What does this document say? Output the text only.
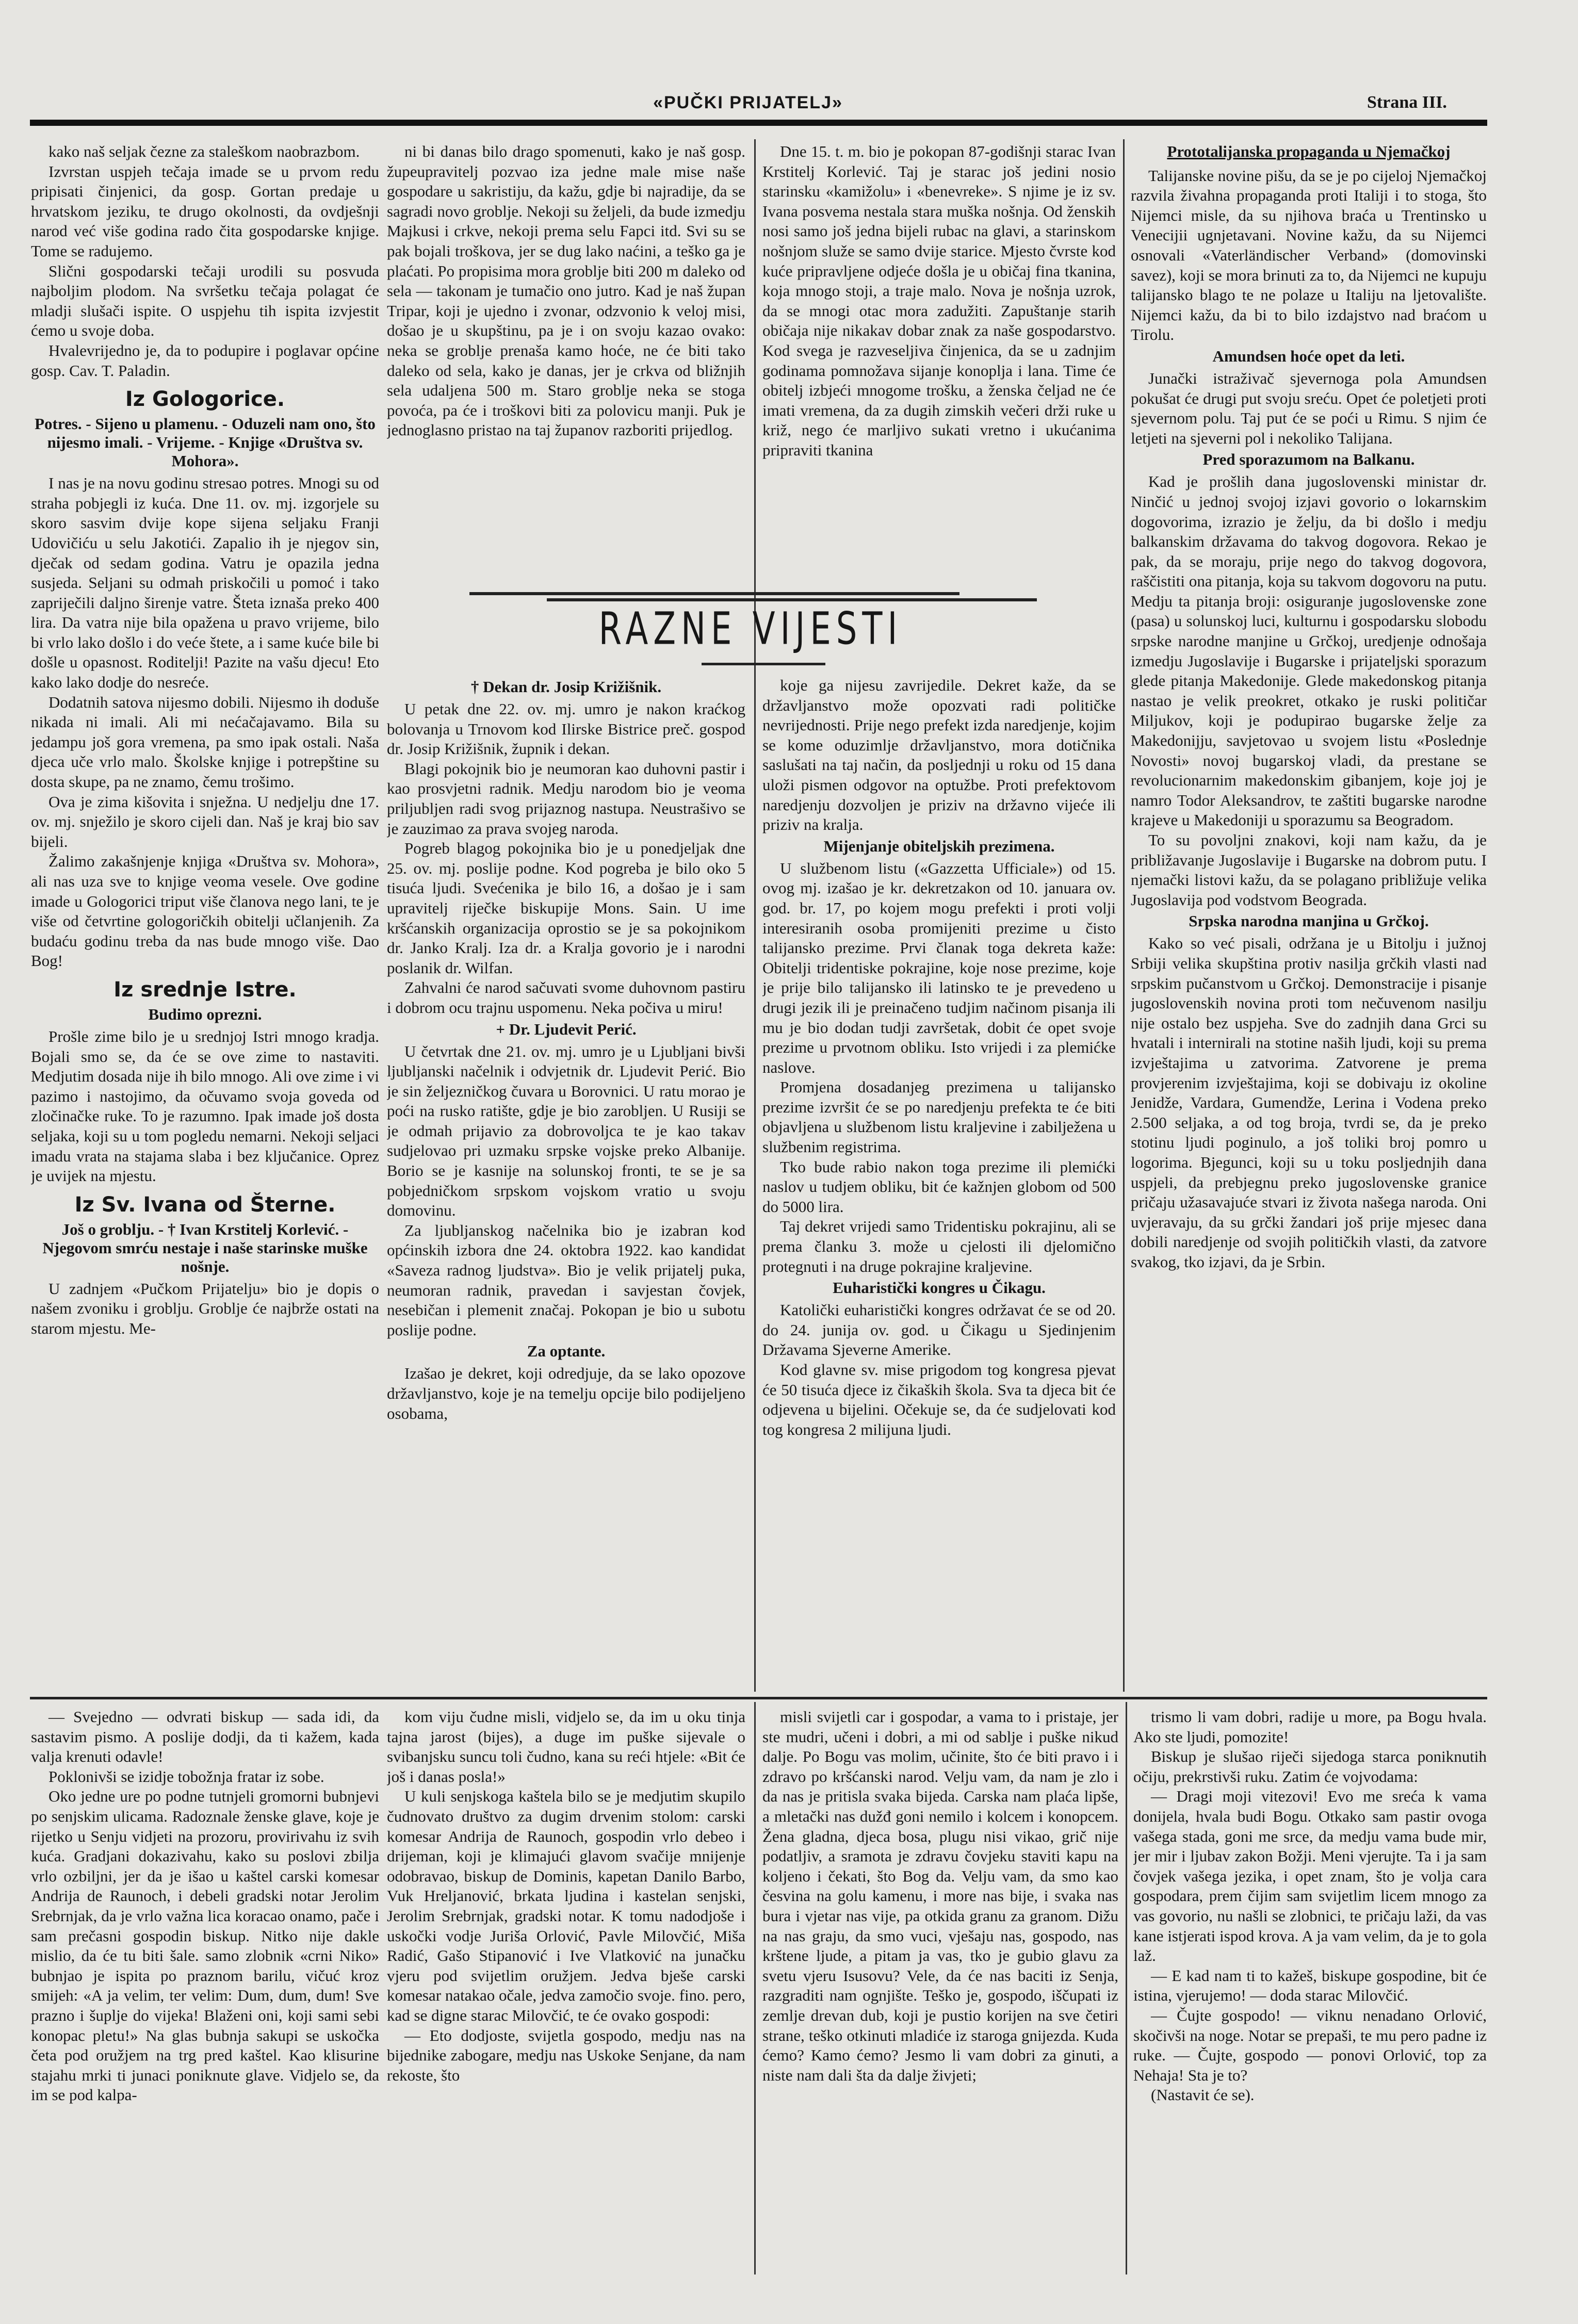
«PUČKI PRIJATELJ»	Strana III.

kako naš seljak čezne za staleškom naobrazbom.

Izvrstan uspjeh tečaja imade se u prvom redu pripisati činjenici, da gosp. Gortan predaje u hrvatskom jeziku, te drugo okolnosti, da ovdješnji narod već više godina rado čita gospodarske knjige. Tome se radujemo.

Slični gospodarski tečaji urodili su posvuda najboljim plodom. Na svršetku tečaja polagat će mladji slušači ispite. O uspjehu tih ispita izvjestit ćemo u svoje doba.

Hvalevrijedno je, da to podupire i poglavar općine gosp. Cav. T. Paladin.

Iz Gologorice.
Potres. - Sijeno u plamenu. - Oduzeli nam ono, što nijesmo imali. - Vrijeme. - Knjige «Društva sv. Mohora».

I nas je na novu godinu stresao potres. Mnogi su od straha pobjegli iz kuća. Dne 11. ov. mj. izgorjele su skoro sasvim dvije kope sijena seljaku Franji Udovičiću u selu Jakotići. Zapalio ih je njegov sin, dječak od sedam godina. Vatru je opazila jedna susjeda. Seljani su odmah priskočili u pomoć i tako zapriječili daljno širenje vatre. Šteta iznaša preko 400 lira. Da vatra nije bila opažena u pravo vrijeme, bilo bi vrlo lako došlo i do veće štete, a i same kuće bile bi došle u opasnost. Roditelji! Pazite na vašu djecu! Eto kako lako dodje do nesreće.

Dodatnih satova nijesmo dobili. Nijesmo ih doduše nikada ni imali. Ali mi nećačajavamo. Bila su jedampu još gora vremena, pa smo ipak ostali. Naša djeca uče vrlo malo. Školske knjige i potrepštine su dosta skupe, pa ne znamo, čemu trošimo.

Ova je zima kišovita i snježna. U nedjelju dne 17. ov. mj. snježilo je skoro cijeli dan. Naš je kraj bio sav bijeli.

Žalimo zakašnjenje knjiga «Društva sv. Mohora», ali nas uza sve to knjige veoma vesele. Ove godine imade u Gologorici triput više članova nego lani, te je više od četvrtine gologoričkih obitelji učlanjenih. Za budaću godinu treba da nas bude mnogo više. Dao Bog!

Iz srednje Istre.
Budimo oprezni.

Prošle zime bilo je u srednjoj Istri mnogo kradja. Bojali smo se, da će se ove zime to nastaviti. Medjutim dosada nije ih bilo mnogo. Ali ove zime i vi pazimo i nastojimo, da očuvamo svoja goveda od zločinačke ruke. To je razumno. Ipak imade još dosta seljaka, koji su u tom pogledu nemarni. Nekoji seljaci imadu vrata na stajama slaba i bez ključanice. Oprez je uvijek na mjestu.

Iz Sv. Ivana od Šterne.
Još o groblju. - † Ivan Krstitelj Korlević. - Njegovom smrću nestaje i naše starinske muške nošnje.

U zadnjem «Pučkom Prijatelju» bio je dopis o našem zvoniku i groblju. Groblje će najbrže ostati na starom mjestu. Me-

ni bi danas bilo drago spomenuti, kako je naš gosp. župeupravitelj pozvao iza jedne male mise naše gospodare u sakristiju, da kažu, gdje bi najradije, da se sagradi novo groblje. Nekoji su željeli, da bude izmedju Majkusi i crkve, nekoji prema selu Fapci itd. Svi su se pak bojali troškova, jer se dug lako naćini, a teško ga je plaćati. Po propisima mora groblje biti 200 m daleko od sela — takonam je tumačio ono jutro. Kad je naš župan Tripar, koji je ujedno i zvonar, odzvonio k veloj misi, došao je u skupštinu, pa je i on svoju kazao ovako: neka se groblje prenaša kamo hoće, ne će biti tako daleko od sela, kako je danas, jer je crkva od bližnjih sela udaljena 500 m. Staro groblje neka se stoga povoća, pa će i troškovi biti za polovicu manji. Puk je jednoglasno pristao na taj županov razboriti prijedlog.

Dne 15. t. m. bio je pokopan 87-godišnji starac Ivan Krstitelj Korlević. Taj je starac još jedini nosio starinsku «kamižolu» i «benevreke». S njime je iz sv. Ivana posvema nestala stara muška nošnja. Od ženskih nosi samo još jedna bijeli rubac na glavi, a starinskom nošnjom služe se samo dvije starice. Mjesto čvrste kod kuće pripravljene odjeće došla je u običaj fina tkanina, koja mnogo stoji, a traje malo. Nova je nošnja uzrok, da se mnogi otac mora zadužiti. Zapuštanje starih običaja nije nikakav dobar znak za naše gospodarstvo. Kod svega je razveseljiva činjenica, da se u zadnjim godinama pomnožava sijanje konoplja i lana. Time će obitelj izbjeći mnogome trošku, a ženska čeljad ne će imati vremena, da za dugih zimskih večeri drži ruke u križ, nego će marljivo sukati vretno i ukućanima pripraviti tkanina

Prototalijanska propaganda u Njemačkoj

Talijanske novine pišu, da se je po cijeloj Njemačkoj razvila živahna propaganda proti Italiji i to stoga, što Nijemci misle, da su njihova braća u Trentinsko u Venecijii ugnjetavani. Novine kažu, da su Nijemci osnovali «Vaterländischer Verband» (domovinski savez), koji se mora brinuti za to, da Nijemci ne kupuju talijansko blago te ne polaze u Italiju na ljetovalište. Nijemci kažu, da bi to bilo izdajstvo nad braćom u Tirolu.

Amundsen hoće opet da leti.

Junački istraživač sjevernoga pola Amundsen pokušat će drugi put svoju sreću. Opet će poletjeti proti sjevernom polu. Taj put će se poći u Rimu. S njim će letjeti na sjeverni pol i nekoliko Talijana.

Pred sporazumom na Balkanu.

Kad je prošlih dana jugoslovenski ministar dr. Ninčić u jednoj svojoj izjavi govorio o lokarnskim dogovorima, izrazio je želju, da bi došlo i medju balkanskim državama do takvog dogovora. Rekao je pak, da se moraju, prije nego do takvog dogovora, raščistiti ona pitanja, koja su takvom dogovoru na putu. Medju ta pitanja broji: osiguranje jugoslovenske zone (pasa) u solunskoj luci, kulturnu i gospodarsku slobodu srpske narodne manjine u Grčkoj, uredjenje odnošaja izmedju Jugoslavije i Bugarske i prijateljski sporazum glede pitanja Makedonije. Glede makedonskog pitanja nastao je velik preokret, otkako je ruski političar Miljukov, koji je podupirao bugarske želje za Makedonijju, savjetovao u svojem listu «Poslednje Novosti» novoj bugarskoj vladi, da prestane se revolucionarnim makedonskim gibanjem, koje joj je namro Todor Aleksandrov, te zaštiti bugarske narodne krajeve u Makedoniji u sporazumu sa Beogradom.

To su povoljni znakovi, koji nam kažu, da je približavanje Jugoslavije i Bugarske na dobrom putu. I njemački listovi kažu, da se polagano približuje velika Jugoslavija pod vodstvom Beograda.

Srpska narodna manjina u Grčkoj.

Kako so već pisali, održana je u Bitolju i južnoj Srbiji velika skupština protiv nasilja grčkih vlasti nad srpskim pučanstvom u Grčkoj. Demonstracije i pisanje jugoslovenskih novina proti tom nečuvenom nasilju nije ostalo bez uspjeha. Sve do zadnjih dana Grci su hvatali i internirali na stotine naših ljudi, koji su prema izvještajima u zatvorima. Zatvorene je prema provjerenim izvještajima, koji se dobivaju iz okoline Jenidže, Vardara, Gumendže, Lerina i Vodena preko 2.500 seljaka, a od tog broja, tvrdi se, da je preko stotinu ljudi poginulo, a još toliki broj pomro u logorima. Bjegunci, koji su u toku posljednjih dana uspjeli, da prebjegnu preko jugoslovenske granice pričaju užasavajuće stvari iz života našega naroda. Oni uvjeravaju, da su grčki žandari još prije mjesec dana dobili naredjenje od svojih političkih vlasti, da zatvore svakog, tko izjavi, da je Srbin.

RAZNE VIJESTI
† Dekan dr. Josip Križišnik.

U petak dne 22. ov. mj. umro je nakon kraćkog bolovanja u Trnovom kod Ilirske Bistrice preč. gospod dr. Josip Križišnik, župnik i dekan.

Blagi pokojnik bio je neumoran kao duhovni pastir i kao prosvjetni radnik. Medju narodom bio je veoma priljubljen radi svog prijaznog nastupa. Neustrašivo se je zauzimao za prava svojeg naroda.

Pogreb blagog pokojnika bio je u ponedjeljak dne 25. ov. mj. poslije podne. Kod pogreba je bilo oko 5 tisuća ljudi. Svećenika je bilo 16, a došao je i sam upravitelj riječke biskupije Mons. Sain. U ime kršćanskih organizacija oprostio se je sa pokojnikom dr. Janko Kralj. Iza dr. a Kralja govorio je i narodni poslanik dr. Wilfan.

Zahvalni će narod sačuvati svome duhovnom pastiru i dobrom ocu trajnu uspomenu. Neka počiva u miru!

+ Dr. Ljudevit Perić.

U četvrtak dne 21. ov. mj. umro je u Ljubljani bivši ljubljanski načelnik i odvjetnik dr. Ljudevit Perić. Bio je sin željezničkog čuvara u Borovnici. U ratu morao je poći na rusko ratište, gdje je bio zarobljen. U Rusiji se je odmah prijavio za dobrovoljca te je kao takav sudjelovao pri uzmaku srpske vojske preko Albanije. Borio se je kasnije na solunskoj fronti, te se je sa pobjedničkom srpskom vojskom vratio u svoju domovinu.

Za ljubljanskog načelnika bio je izabran kod općinskih izbora dne 24. oktobra 1922. kao kandidat «Saveza radnog ljudstva». Bio je velik prijatelj puka, neumoran radnik, pravedan i savjestan čovjek, nesebičan i plemenit značaj. Pokopan je bio u subotu poslije podne.

Za optante.

Izašao je dekret, koji odredjuje, da se lako opozove državljanstvo, koje je na temelju opcije bilo podijeljeno osobama,

koje ga nijesu zavrijedile. Dekret kaže, da se državljanstvo može opozvati radi političke nevrijednosti. Prije nego prefekt izda naredjenje, kojim se kome oduzimlje državljanstvo, mora dotičnika saslušati na taj način, da posljednji u roku od 15 dana uloži pismen odgovor na optužbe. Proti prefektovom naredjenju dozvoljen je priziv na državno vijeće ili priziv na kralja.

Mijenjanje obiteljskih prezimena.

U službenom listu («Gazzetta Ufficiale») od 15. ovog mj. izašao je kr. dekretzakon od 10. januara ov. god. br. 17, po kojem mogu prefekti i proti volji interesiranih osoba promijeniti prezime u čisto talijansko prezime. Prvi članak toga dekreta kaže: Obitelji tridentiske pokrajine, koje nose prezime, koje je prije bilo talijansko ili latinsko te je prevedeno u drugi jezik ili je preinačeno tudjim načinom pisanja ili mu je bio dodan tudji završetak, dobit će opet svoje prezime u prvotnom obliku. Isto vrijedi i za plemićke naslove.

Promjena dosadanjeg prezimena u talijansko prezime izvršit će se po naredjenju prefekta te će biti objavljena u službenom listu kraljevine i zabilježena u službenim registrima.

Tko bude rabio nakon toga prezime ili plemićki naslov u tudjem obliku, bit će kažnjen globom od 500 do 5000 lira.

Taj dekret vrijedi samo Tridentisku pokrajinu, ali se prema članku 3. može u cjelosti ili djelomično protegnuti i na druge pokrajine kraljevine.

Euharistički kongres u Čikagu.

Katolički euharistički kongres održavat će se od 20. do 24. junija ov. god. u Čikagu u Sjedinjenim Državama Sjeverne Amerike.

Kod glavne sv. mise prigodom tog kongresa pjevat će 50 tisuća djece iz čikaških škola. Sva ta djeca bit će odjevena u bijelini. Očekuje se, da će sudjelovati kod tog kongresa 2 milijuna ljudi.

— Svejedno — odvrati biskup — sada idi, da sastavim pismo. A poslije dodji, da ti kažem, kada valja krenuti odavle!

Poklonivši se izidje tobožnja fratar iz sobe.

Oko jedne ure po podne tutnjeli gromorni bubnjevi po senjskim ulicama. Radoznale ženske glave, koje je rijetko u Senju vidjeti na prozoru, provirivahu iz svih kuća. Gradjani dokazivahu, kako su poslovi zbilja vrlo ozbiljni, jer da je išao u kaštel carski komesar Andrija de Raunoch, i debeli gradski notar Jerolim Srebrnjak, da je vrlo važna lica koracao onamo, pače i sam prečasni gospodin biskup. Nitko nije dakle mislio, da će tu biti šale. samo zlobnik «crni Niko» bubnjao je ispita po praznom barilu, vičuć kroz smijeh: «A ja velim, ter velim: Dum, dum, dum! Sve prazno i šuplje do vijeka! Blaženi oni, koji sami sebi konopac pletu!» Na glas bubnja sakupi se uskočka četa pod oružjem na trg pred kaštel. Kao klisurine stajahu mrki ti junaci poniknute glave. Vidjelo se, da im se pod kalpa-

kom viju čudne misli, vidjelo se, da im u oku tinja tajna jarost (bijes), a duge im puške sijevale o svibanjsku suncu toli čudno, kana su reći htjele: «Bit će još i danas posla!»

U kuli senjskoga kaštela bilo se je medjutim skupilo čudnovato društvo za dugim drvenim stolom: carski komesar Andrija de Raunoch, gospodin vrlo debeo i drijeman, koji je klimajući glavom svačije mnijenje odobravao, biskup de Dominis, kapetan Danilo Barbo, Vuk Hreljanović, brkata ljudina i kastelan senjski, Jerolim Srebrnjak, gradski notar. K tomu nadodjoše i uskočki vodje Juriša Orlović, Pavle Milovčić, Miša Radić, Gašo Stipanović i Ive Vlatković na junačku vjeru pod svijetlim oružjem. Jedva bješe carski komesar natakao očale, jedva zamočio svoje. fino. pero, kad se digne starac Milovčić, te će ovako gospodi:

— Eto dodjoste, svijetla gospodo, medju nas na bijednike zabogare, medju nas Uskoke Senjane, da nam rekoste, što

misli svijetli car i gospodar, a vama to i pristaje, jer ste mudri, učeni i dobri, a mi od sablje i puške nikud dalje. Po Bogu vas molim, učinite, što će biti pravo i i zdravo po kršćanski narod. Velju vam, da nam je zlo i da nas je pritisla svaka bijeda. Carska nam plaća lipše, a mletački nas dužđ goni nemilo i kolcem i konopcem. Žena gladna, djeca bosa, plugu nisi vikao, grič nije podatljiv, a sramota je zdravu čovjeku staviti kapu na koljeno i čekati, što Bog da. Velju vam, da smo kao česvina na golu kamenu, i more nas bije, i svaka nas bura i vjetar nas vije, pa otkida granu za granom. Dižu na nas graju, da smo vuci, vješaju nas, gospodo, nas krštene ljude, a pitam ja vas, tko je gubio glavu za svetu vjeru Isusovu? Vele, da će nas baciti iz Senja, razgraditi nam ognjište. Teško je, gospodo, iščupati iz zemlje drevan dub, koji je pustio korijen na sve četiri strane, teško otkinuti mladiće iz staroga gnijezda. Kuda ćemo? Kamo ćemo? Jesmo li vam dobri za ginuti, a niste nam dali šta da dalje živjeti;

trismo li vam dobri, radije u more, pa Bogu hvala. Ako ste ljudi, pomozite!

Biskup je slušao riječi sijedoga starca poniknutih očiju, prekrstivši ruku. Zatim će vojvodama:

— Dragi moji vitezovi! Evo me sreća k vama donijela, hvala budi Bogu. Otkako sam pastir ovoga vašega stada, goni me srce, da medju vama bude mir, jer mir i ljubav zakon Božji. Meni vjerujte. Ta i ja sam čovjek vašega jezika, i opet znam, što je volja cara gospodara, prem čijim sam svijetlim licem mnogo za vas govorio, nu našli se zlobnici, te pričaju laži, da vas kane istjerati ispod krova. A ja vam velim, da je to gola laž.

— E kad nam ti to kažeš, biskupe gospodine, bit će istina, vjerujemo! — doda starac Milovčić.

— Čujte gospodo! — viknu nenadano Orlović, skočivši na noge. Notar se prepaši, te mu pero padne iz ruke. — Čujte, gospodo — ponovi Orlović, top za Nehaja! Sta je to?

(Nastavit će se).
